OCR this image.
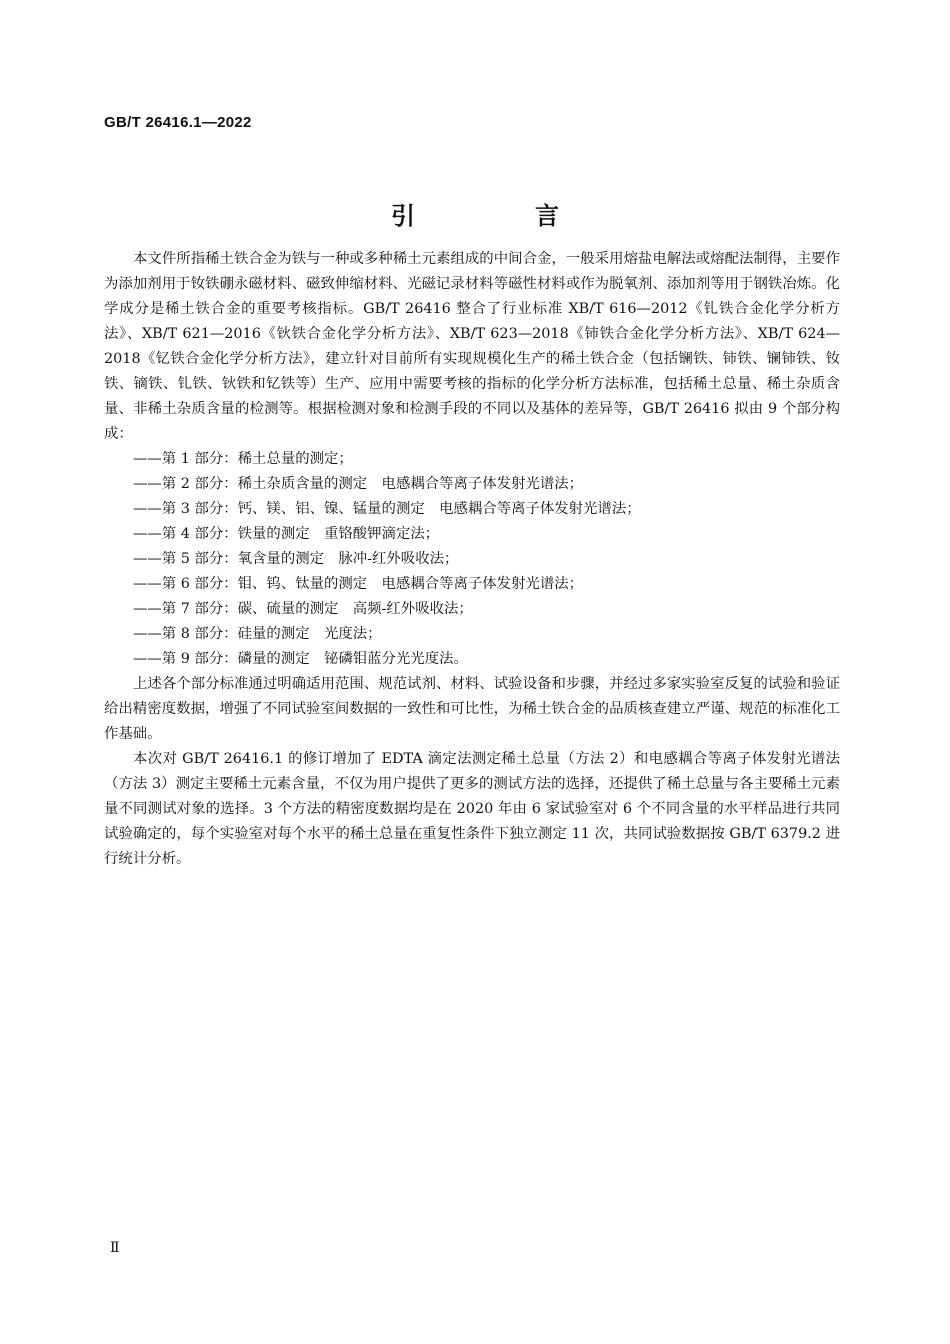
GB/T 26416.1—2022
引　言

本文件所指稀土铁合金为铁与一种或多种稀土元素组成的中间合金，一般采用熔盐电解法或熔配法制得，主要作为添加剂用于钕铁硼永磁材料、磁致伸缩材料、光磁记录材料等磁性材料或作为脱氧剂、添加剂等用于钢铁冶炼。化学成分是稀土铁合金的重要考核指标。GB/T 26416 整合了行业标准 XB/T 616—2012《钆铁合金化学分析方法》、XB/T 621—2016《钬铁合金化学分析方法》、XB/T 623—2018《铈铁合金化学分析方法》、XB/T 624—2018《钇铁合金化学分析方法》，建立针对目前所有实现规模化生产的稀土铁合金（包括镧铁、铈铁、镧铈铁、钕铁、镝铁、钆铁、钬铁和钇铁等）生产、应用中需要考核的指标的化学分析方法标准，包括稀土总量、稀土杂质含量、非稀土杂质含量的检测等。根据检测对象和检测手段的不同以及基体的差异等，GB/T 26416 拟由 9 个部分构成：

——第 1 部分：稀土总量的测定；

——第 2 部分：稀土杂质含量的测定　电感耦合等离子体发射光谱法；

——第 3 部分：钙、镁、铝、镍、锰量的测定　电感耦合等离子体发射光谱法；

——第 4 部分：铁量的测定　重铬酸钾滴定法；

——第 5 部分：氧含量的测定　脉冲-红外吸收法；

——第 6 部分：钼、钨、钛量的测定　电感耦合等离子体发射光谱法；

——第 7 部分：碳、硫量的测定　高频-红外吸收法；

——第 8 部分：硅量的测定　光度法；

——第 9 部分：磷量的测定　铋磷钼蓝分光光度法。

上述各个部分标准通过明确适用范围、规范试剂、材料、试验设备和步骤，并经过多家实验室反复的试验和验证给出精密度数据，增强了不同试验室间数据的一致性和可比性，为稀土铁合金的品质核查建立严谨、规范的标准化工作基础。

本次对 GB/T 26416.1 的修订增加了 EDTA 滴定法测定稀土总量（方法 2）和电感耦合等离子体发射光谱法（方法 3）测定主要稀土元素含量，不仅为用户提供了更多的测试方法的选择，还提供了稀土总量与各主要稀土元素量不同测试对象的选择。3 个方法的精密度数据均是在 2020 年由 6 家试验室对 6 个不同含量的水平样品进行共同试验确定的，每个实验室对每个水平的稀土总量在重复性条件下独立测定 11 次，共同试验数据按 GB/T 6379.2 进行统计分析。

Ⅱ
